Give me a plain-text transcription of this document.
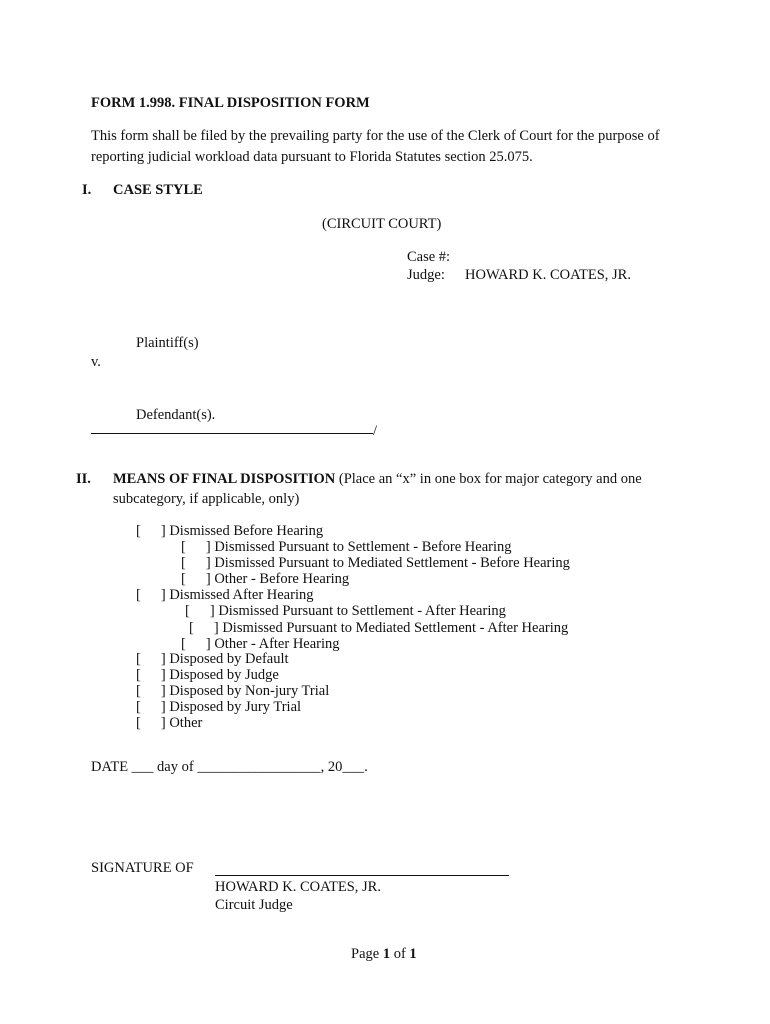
FORM 1.998. FINAL DISPOSITION FORM
This form shall be filed by the prevailing party for the use of the Clerk of Court for the purpose of reporting judicial workload data pursuant to Florida Statutes section 25.075.
I. CASE STYLE
(CIRCUIT COURT)
Case #:
Judge: HOWARD K. COATES, JR.
Plaintiff(s)
v.
Defendant(s).
/
II. MEANS OF FINAL DISPOSITION (Place an “x” in one box for major category and one
subcategory, if applicable, only)
[ ] Dismissed Before Hearing
[ ] Dismissed Pursuant to Settlement - Before Hearing
[ ] Dismissed Pursuant to Mediated Settlement - Before Hearing
[ ] Other - Before Hearing
[ ] Dismissed After Hearing
[ ] Dismissed Pursuant to Settlement - After Hearing
[ ] Dismissed Pursuant to Mediated Settlement - After Hearing
[ ] Other - After Hearing
[ ] Disposed by Default
[ ] Disposed by Judge
[ ] Disposed by Non-jury Trial
[ ] Disposed by Jury Trial
[ ] Other
DATE ___ day of _________________, 20___.
SIGNATURE OF
HOWARD K. COATES, JR.
Circuit Judge
Page 1 of 1
